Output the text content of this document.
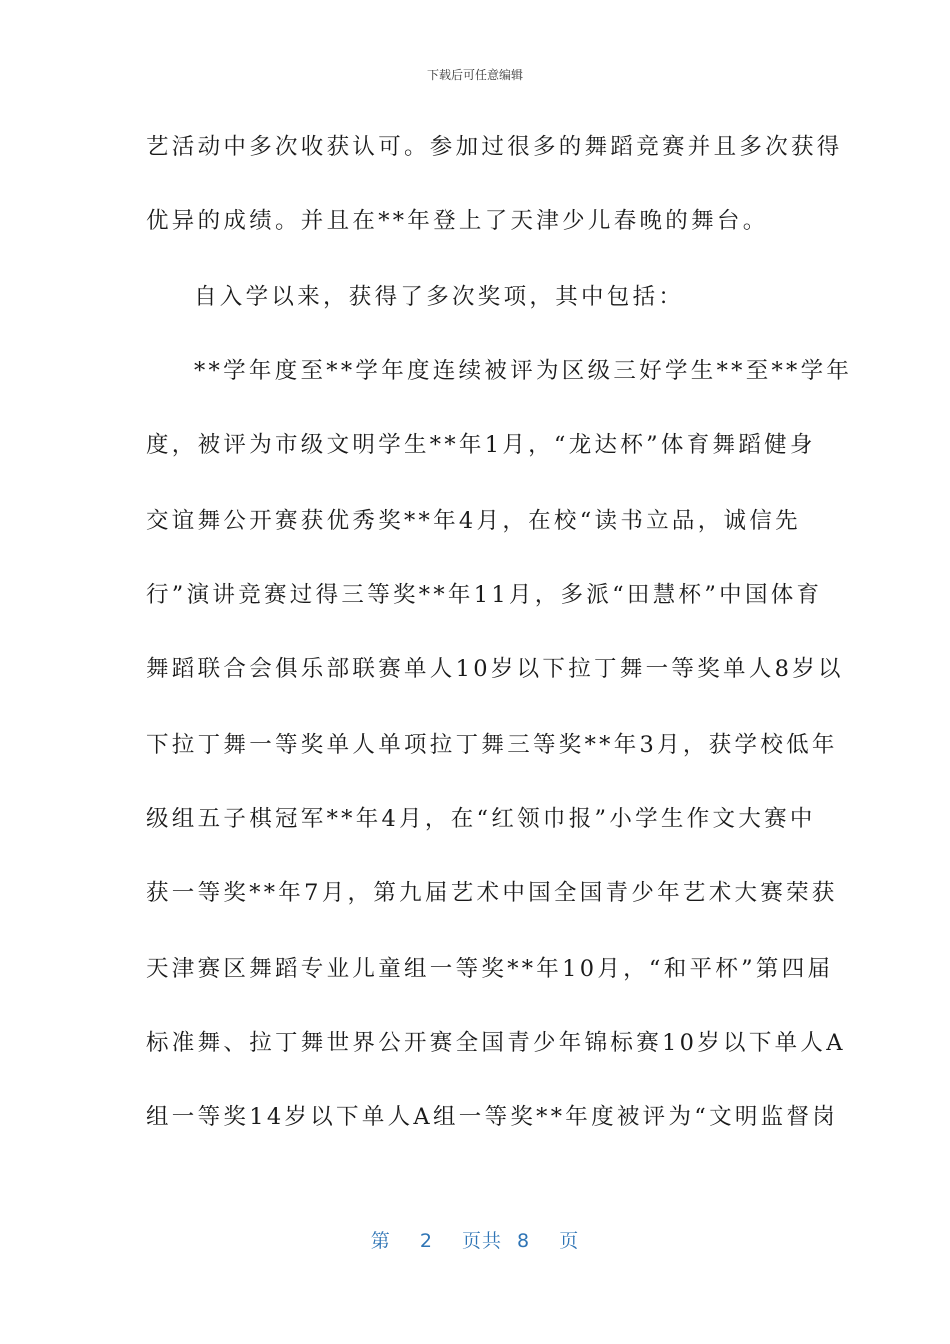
下载后可任意编辑
艺活动中多次收获认可。参加过很多的舞蹈竞赛并且多次获得
优异的成绩。并且在**年登上了天津少儿春晚的舞台。
自入学以来，获得了多次奖项，其中包括：
**学年度至**学年度连续被评为区级三好学生**至**学年
度，被评为市级文明学生**年1月，“龙达杯”体育舞蹈健身
交谊舞公开赛获优秀奖**年4月，在校“读书立品，诚信先
行”演讲竞赛过得三等奖**年11月，多派“田慧杯”中国体育
舞蹈联合会俱乐部联赛单人10岁以下拉丁舞一等奖单人8岁以
下拉丁舞一等奖单人单项拉丁舞三等奖**年3月，获学校低年
级组五子棋冠军**年4月，在“红领巾报”小学生作文大赛中
获一等奖**年7月，第九届艺术中国全国青少年艺术大赛荣获
天津赛区舞蹈专业儿童组一等奖**年10月，“和平杯”第四届
标准舞、拉丁舞世界公开赛全国青少年锦标赛10岁以下单人A
组一等奖14岁以下单人A组一等奖**年度被评为“文明监督岗
第 2 页共 8 页
